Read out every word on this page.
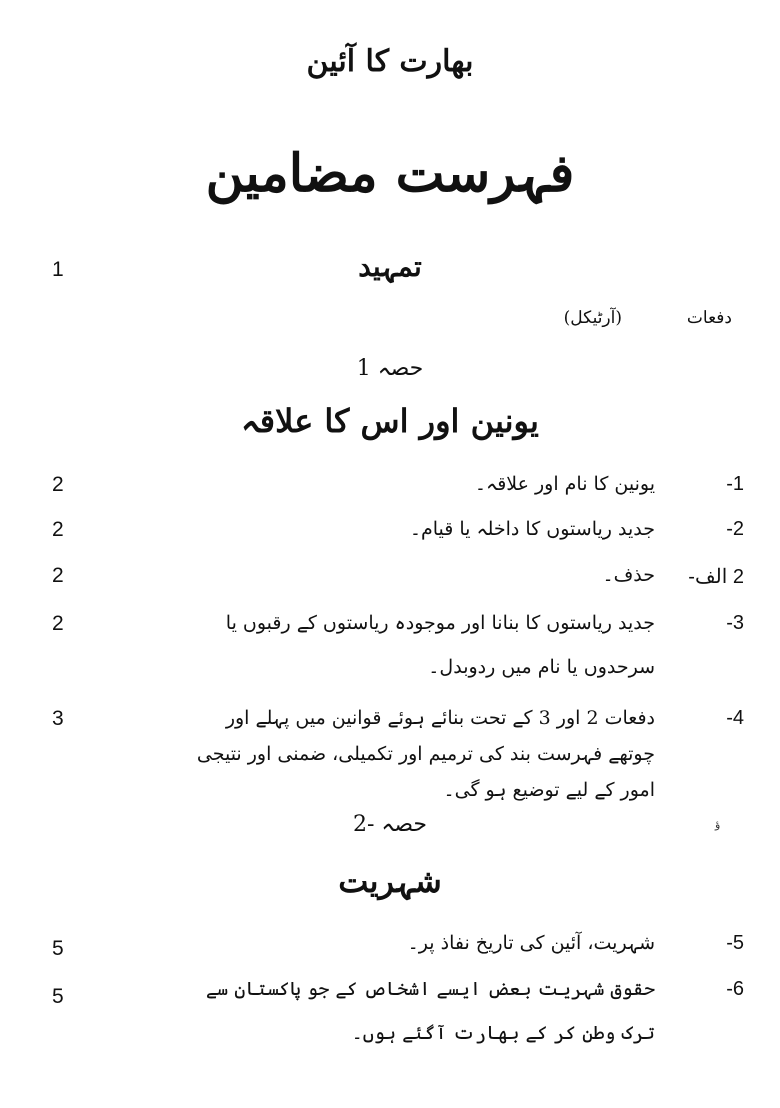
بھارت کا آئین
فہرست مضامین
تمہید
1
دفعات
(آرٹیکل)
حصہ 1
یونین اور اس کا علاقہ
-1
یونین کا نام اور علاقہ۔
2
-2
جدید ریاستوں کا داخلہ یا قیام۔
2
2 الف-
حذف۔
2
-3
جدید ریاستوں کا بنانا اور موجودہ ریاستوں کے رقبوں یا سرحدوں یا نام میں ردوبدل۔
2
-4
دفعات 2 اور 3 کے تحت بنائے ہوئے قوانین میں پہلے اور چوتھے فہرست بند کی ترمیم اور تکمیلی، ضمنی اور نتیجی امور کے لیے توضیع ہو گی۔
3
حصہ -2
شہریت
ؤ
-5
شہریت، آئین کی تاریخ نفاذ پر۔
5
-6
حقوق شہریت بعض ایسے اشخاص کے جو پاکستان سے ترک وطن کر کے بھارت آگئے ہوں۔
5
